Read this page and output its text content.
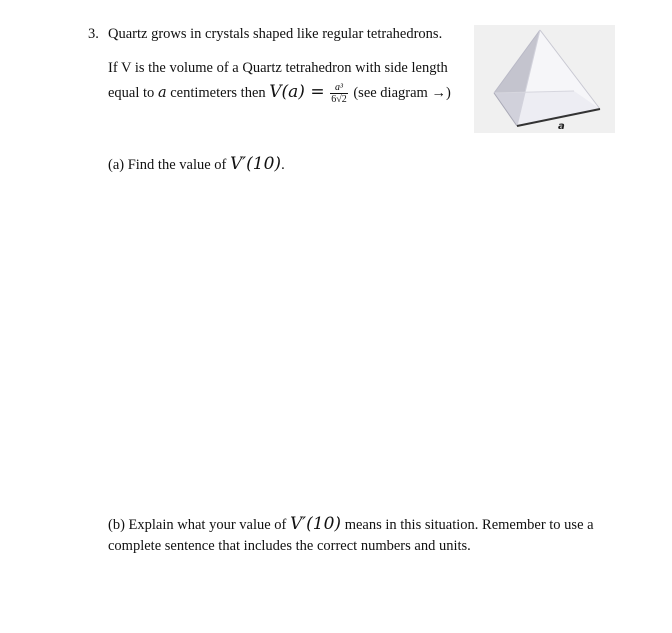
3. Quartz grows in crystals shaped like regular tetrahedrons.
If V is the volume of a Quartz tetrahedron with side length
equal to a centimeters then $V(a) = \frac{\text{a³}}{6√2} (see$ diagram →)
a
(a) Find the value of V′(10).
(b) Explain what your value of V′(10) means in this situation. Remember to use a
complete sentence that includes the correct numbers and units.
